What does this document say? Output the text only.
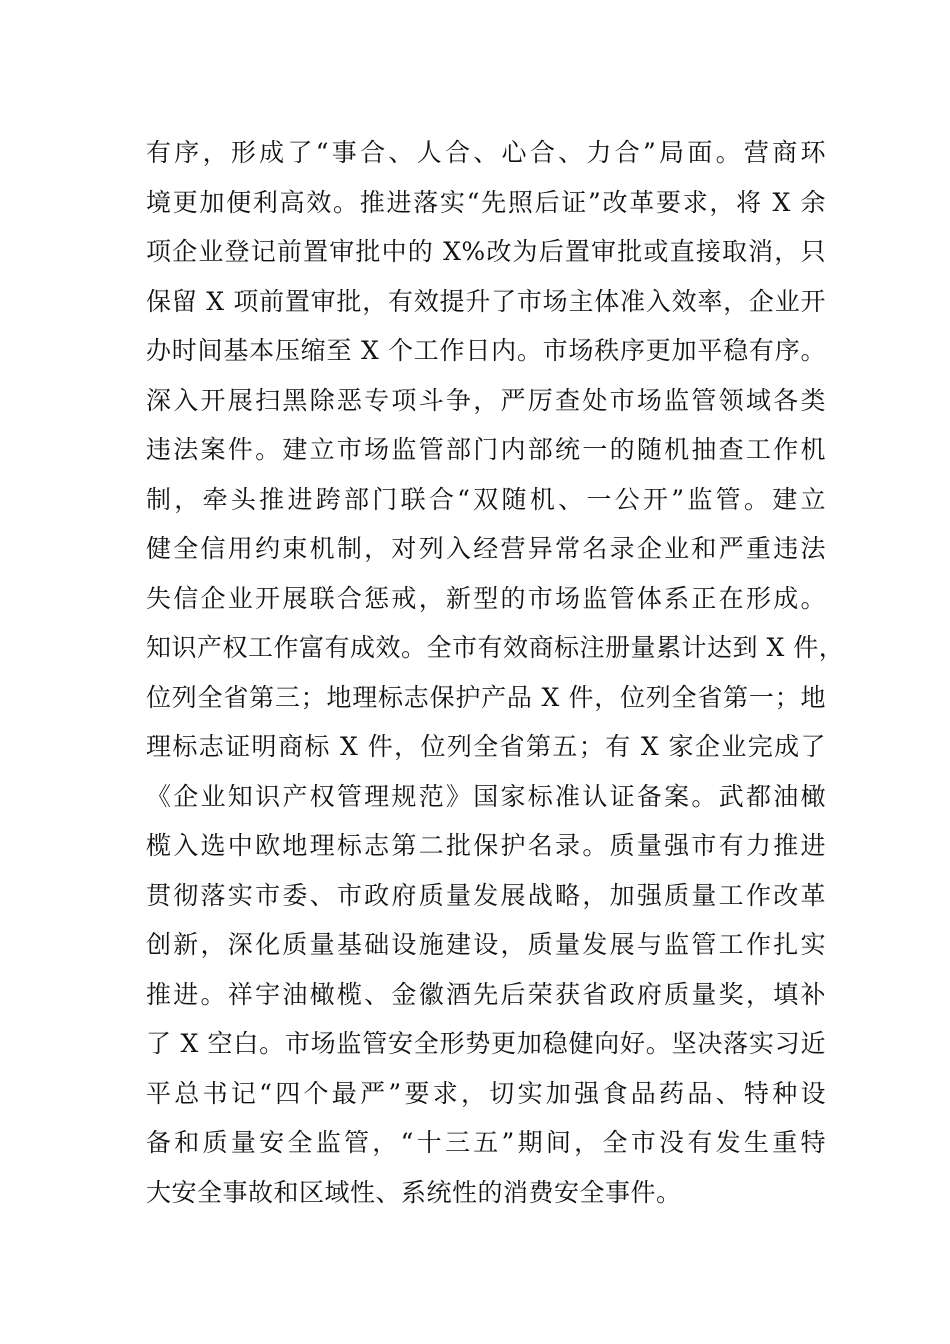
有序，形成了“事合、人合、心合、力合”局面。营商环
境更加便利高效。推进落实“先照后证”改革要求，将 X 余
项企业登记前置审批中的 X%改为后置审批或直接取消，只
保留 X 项前置审批，有效提升了市场主体准入效率，企业开
办时间基本压缩至 X 个工作日内。市场秩序更加平稳有序。
深入开展扫黑除恶专项斗争，严厉查处市场监管领域各类
违法案件。建立市场监管部门内部统一的随机抽查工作机
制，牵头推进跨部门联合“双随机、一公开”监管。建立
健全信用约束机制，对列入经营异常名录企业和严重违法
失信企业开展联合惩戒，新型的市场监管体系正在形成。
知识产权工作富有成效。全市有效商标注册量累计达到 X 件，
位列全省第三；地理标志保护产品 X 件，位列全省第一；地
理标志证明商标 X 件，位列全省第五；有 X 家企业完成了
《企业知识产权管理规范》国家标准认证备案。武都油橄
榄入选中欧地理标志第二批保护名录。质量强市有力推进
贯彻落实市委、市政府质量发展战略，加强质量工作改革
创新，深化质量基础设施建设，质量发展与监管工作扎实
推进。祥宇油橄榄、金徽酒先后荣获省政府质量奖，填补
了 X 空白。市场监管安全形势更加稳健向好。坚决落实习近
平总书记“四个最严”要求，切实加强食品药品、特种设
备和质量安全监管，“十三五”期间，全市没有发生重特
大安全事故和区域性、系统性的消费安全事件。
